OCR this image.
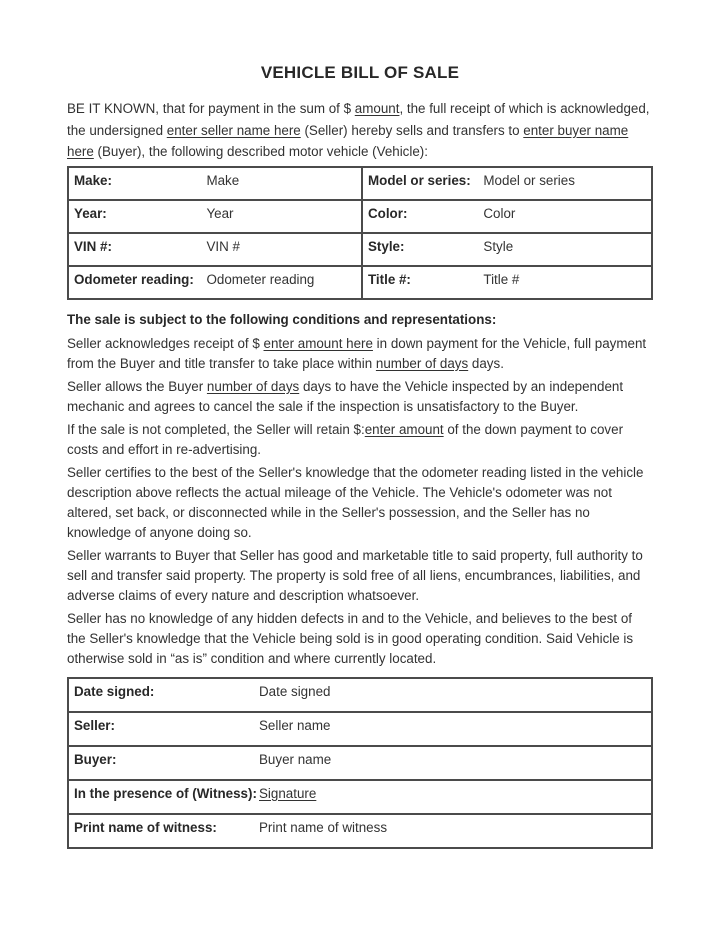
VEHICLE BILL OF SALE

BE IT KNOWN, that for payment in the sum of $ amount, the full receipt of which is acknowledged, the undersigned enter seller name here (Seller) hereby sells and transfers to enter buyer name here (Buyer), the following described motor vehicle (Vehicle):

Make:	Make	Model or series:	Model or series
Year:	Year	Color:	Color
VIN #:	VIN #	Style:	Style
Odometer reading:	Odometer reading	Title #:	Title #
The sale is subject to the following conditions and representations:

Seller acknowledges receipt of $ enter amount here in down payment for the Vehicle, full payment from the Buyer and title transfer to take place within number of days days.

Seller allows the Buyer number of days days to have the Vehicle inspected by an independent mechanic and agrees to cancel the sale if the inspection is unsatisfactory to the Buyer.

If the sale is not completed, the Seller will retain $:enter amount of the down payment to cover costs and effort in re-advertising.

Seller certifies to the best of the Seller's knowledge that the odometer reading listed in the vehicle description above reflects the actual mileage of the Vehicle. The Vehicle's odometer was not altered, set back, or disconnected while in the Seller's possession, and the Seller has no knowledge of anyone doing so.

Seller warrants to Buyer that Seller has good and marketable title to said property, full authority to sell and transfer said property. The property is sold free of all liens, encumbrances, liabilities, and adverse claims of every nature and description whatsoever.

Seller has no knowledge of any hidden defects in and to the Vehicle, and believes to the best of the Seller's knowledge that the Vehicle being sold is in good operating condition. Said Vehicle is otherwise sold in “as is” condition and where currently located.

Date signed:	Date signed
Seller:	Seller name
Buyer:	Buyer name
In the presence of (Witness):	Signature
Print name of witness:	Print name of witness
